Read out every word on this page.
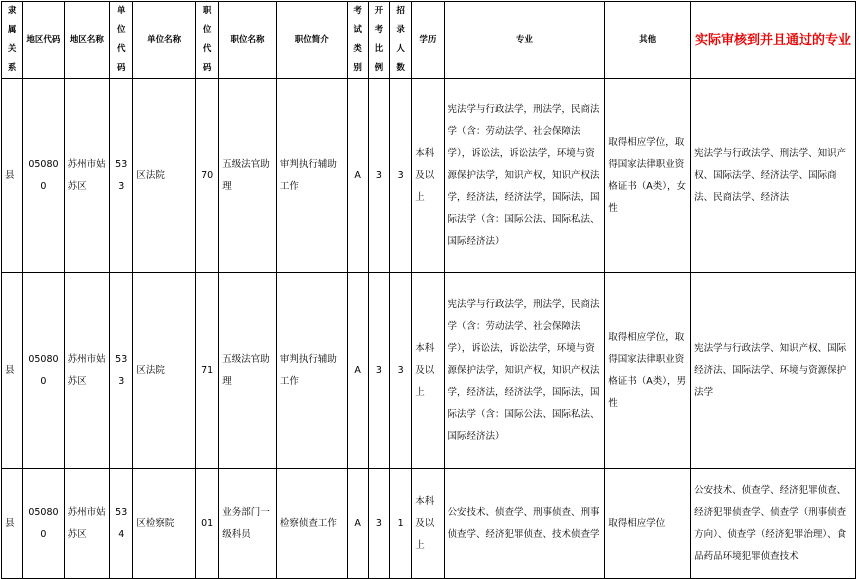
隶属关系	地区代码	地区名称	单位代码	单位名称	职位代码	职位名称	职位简介	考试类别	开考比例	招录人数	学历	专业	其他	实际审核到并且通过的专业
县	050800	苏州市姑苏区	533	区法院	70	五级法官助理	审判执行辅助工作	A	3	3	本科及以上	宪法学与行政法学，刑法学，民商法学（含：劳动法学、社会保障法学），诉讼法，诉讼法学，环境与资源保护法学，知识产权，知识产权法学，经济法，经济法学，国际法，国际法学（含：国际公法、国际私法、国际经济法）	取得相应学位，取得国家法律职业资格证书（A类），女性	宪法学与行政法学、刑法学、知识产权、国际法学、经济法学、国际商法、民商法学、经济法
县	050800	苏州市姑苏区	533	区法院	71	五级法官助理	审判执行辅助工作	A	3	3	本科及以上	宪法学与行政法学，刑法学，民商法学（含：劳动法学、社会保障法学），诉讼法，诉讼法学，环境与资源保护法学，知识产权，知识产权法学，经济法，经济法学，国际法，国际法学（含：国际公法、国际私法、国际经济法）	取得相应学位，取得国家法律职业资格证书（A类），男性	宪法学与行政法学、知识产权、国际经济法、国际法学、环境与资源保护法学
县	050800	苏州市姑苏区	534	区检察院	01	业务部门一级科员	检察侦查工作	A	3	1	本科及以上	公安技术、侦查学、刑事侦查、刑事侦查学、经济犯罪侦查、技术侦查学	取得相应学位	公安技术、侦查学、经济犯罪侦查、经济犯罪侦查学、侦查学（刑事侦查方向）、侦查学（经济犯罪治理）、食品药品环境犯罪侦查技术
